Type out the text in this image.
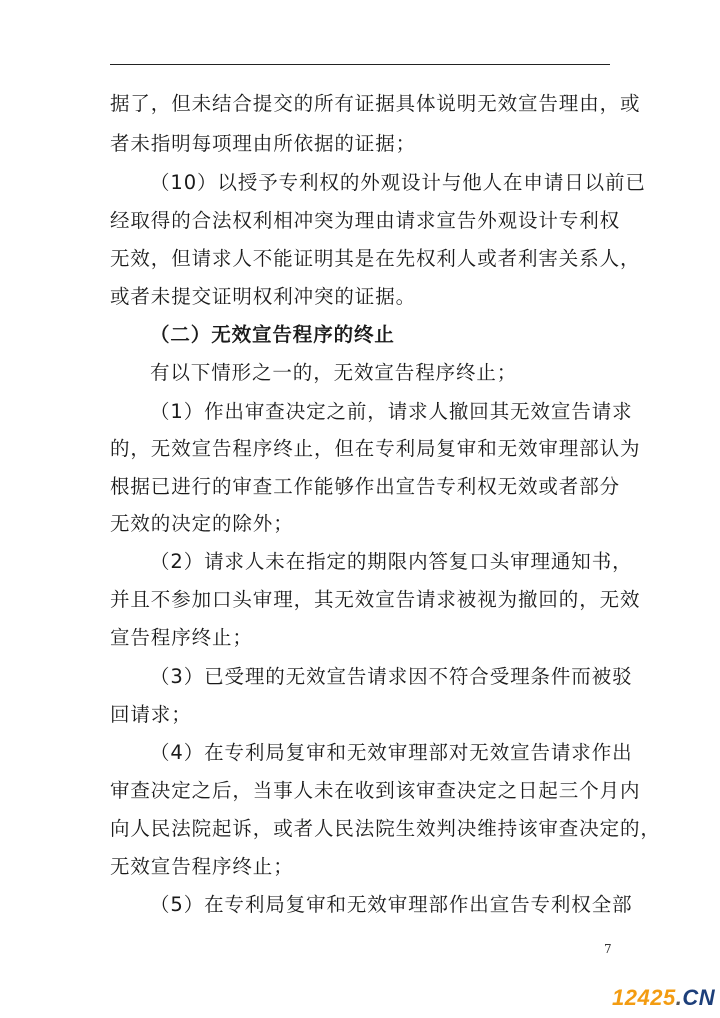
据了，但未结合提交的所有证据具体说明无效宣告理由，或
者未指明每项理由所依据的证据；
（10）以授予专利权的外观设计与他人在申请日以前已
经取得的合法权利相冲突为理由请求宣告外观设计专利权
无效，但请求人不能证明其是在先权利人或者利害关系人，
或者未提交证明权利冲突的证据。
（二）无效宣告程序的终止
有以下情形之一的，无效宣告程序终止；
（1）作出审查决定之前，请求人撤回其无效宣告请求
的，无效宣告程序终止，但在专利局复审和无效审理部认为
根据已进行的审查工作能够作出宣告专利权无效或者部分
无效的决定的除外；
（2）请求人未在指定的期限内答复口头审理通知书，
并且不参加口头审理，其无效宣告请求被视为撤回的，无效
宣告程序终止；
（3）已受理的无效宣告请求因不符合受理条件而被驳
回请求；
（4）在专利局复审和无效审理部对无效宣告请求作出
审查决定之后，当事人未在收到该审查决定之日起三个月内
向人民法院起诉，或者人民法院生效判决维持该审查决定的，
无效宣告程序终止；
（5）在专利局复审和无效审理部作出宣告专利权全部
7
12425.CN
